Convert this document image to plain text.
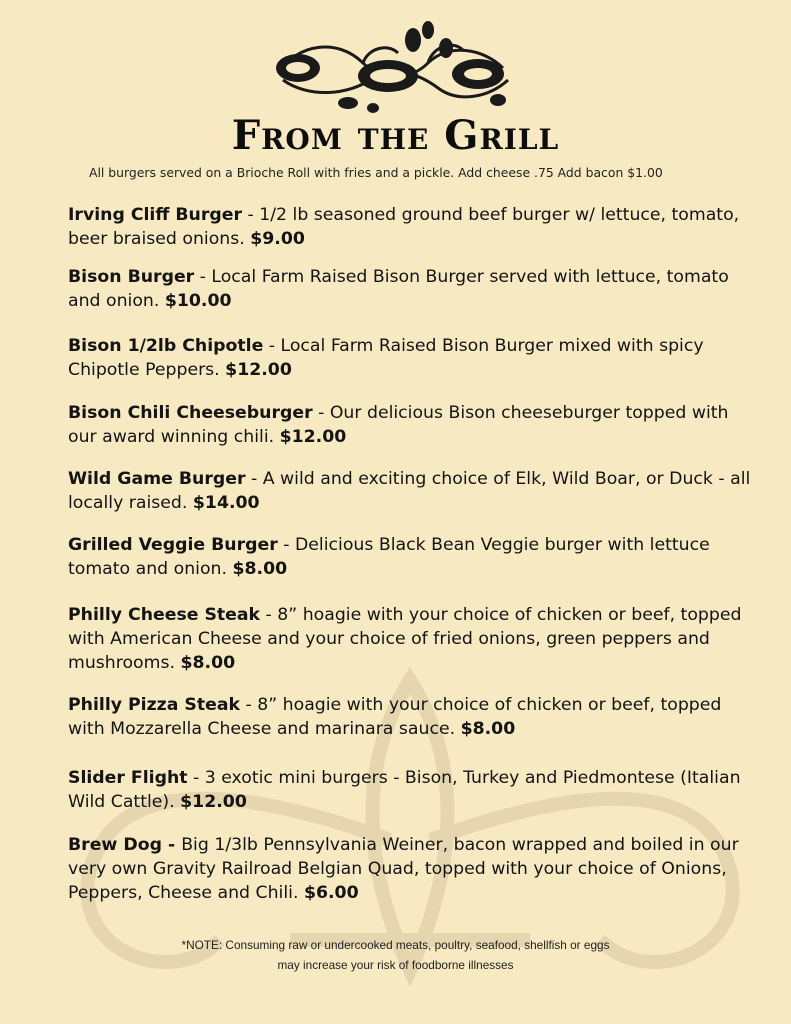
From the Grill
All burgers served on a Brioche Roll with fries and a pickle. Add cheese .75 Add bacon $1.00
Irving Cliff Burger - 1/2 lb seasoned ground beef burger w/ lettuce, tomato, beer braised onions. $9.00
Bison Burger - Local Farm Raised Bison Burger served with lettuce, tomato and onion. $10.00
Bison 1/2lb Chipotle - Local Farm Raised Bison Burger mixed with spicy Chipotle Peppers. $12.00
Bison Chili Cheeseburger - Our delicious Bison cheeseburger topped with our award winning chili. $12.00
Wild Game Burger - A wild and exciting choice of Elk, Wild Boar, or Duck - all locally raised. $14.00
Grilled Veggie Burger - Delicious Black Bean Veggie burger with lettuce tomato and onion. $8.00
Philly Cheese Steak - 8” hoagie with your choice of chicken or beef, topped with American Cheese and your choice of fried onions, green peppers and mushrooms. $8.00
Philly Pizza Steak - 8” hoagie with your choice of chicken or beef, topped with Mozzarella Cheese and marinara sauce. $8.00
Slider Flight - 3 exotic mini burgers - Bison, Turkey and Piedmontese (Italian Wild Cattle). $12.00
Brew Dog - Big 1/3lb Pennsylvania Weiner, bacon wrapped and boiled in our very own Gravity Railroad Belgian Quad, topped with your choice of Onions, Peppers, Cheese and Chili. $6.00
*NOTE: Consuming raw or undercooked meats, poultry, seafood, shellfish or eggs
may increase your risk of foodborne illnesses
